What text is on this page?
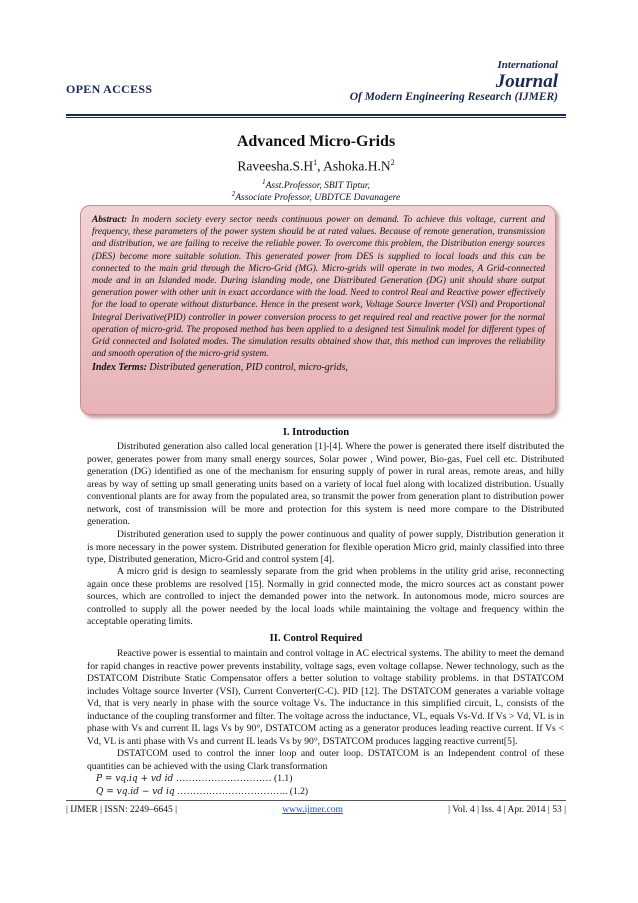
OPEN ACCESS
International
Journal
Of Modern Engineering Research (IJMER)
Advanced Micro-Grids
$Raveesha.S.H^1$, $Ashoka.H.N^2$
$^1$Asst.Professor, SBIT Tiptur,
$^2$Associate Professor, UBDTCE Davanagere
Abstract: In modern society every sector needs continuous power on demand. To achieve this voltage, current and frequency, these parameters of the power system should be at rated values. Because of remote generation, transmission and distribution, we are failing to receive the reliable power. To overcome this problem, the Distribution energy sources (DES) become more suitable solution. This generated power from DES is supplied to local loads and this can be connected to the main grid through the Micro-Grid (MG). Micro-grids will operate in two modes, A Grid-connected mode and in an Islanded mode. During islanding mode, one Distributed Generation (DG) unit should share output generation power with other unit in exact accordance with the load. Need to control Real and Reactive power effectively for the load to operate without disturbance. Hence in the present work, Voltage Source Inverter (VSI) and Proportional Integral Derivative(PID) controller in power conversion process to get required real and reactive power for the normal operation of micro-grid. The proposed method has been applied to a designed test Simulink model for different types of Grid connected and Isolated modes. The simulation results obtained show that, this method can improves the reliability and smooth operation of the micro-grid system.
Index Terms: Distributed generation, PID control, micro-grids,
I. Introduction

Distributed generation also called local generation [1]-[4]. Where the power is generated there itself distributed the power, generates power from many small energy sources, Solar power , Wind power, Bio-gas, Fuel cell etc. Distributed generation (DG) identified as one of the mechanism for ensuring supply of power in rural areas, remote areas, and hilly areas by way of setting up small generating units based on a variety of local fuel along with localized distribution. Usually conventional plants are for away from the populated area, so transmit the power from generation plant to distribution power network, cost of transmission will be more and protection for this system is need more compare to the Distributed generation.

Distributed generation used to supply the power continuous and quality of power supply, Distribution generation it is more necessary in the power system. Distributed generation for flexible operation Micro grid, mainly classified into three type, Distributed generation, Micro-Grid and control system [4].

A micro grid is design to seamlessly separate from the grid when problems in the utility grid arise, reconnecting again once these problems are resolved [15]. Normally in grid connected mode, the micro sources act as constant power sources, which are controlled to inject the demanded power into the network. In autonomous mode, micro sources are controlled to supply all the power needed by the local loads while maintaining the voltage and frequency within the acceptable operating limits.

II. Control Required

Reactive power is essential to maintain and control voltage in AC electrical systems. The ability to meet the demand for rapid changes in reactive power prevents instability, voltage sags, even voltage collapse. Newer technology, such as the DSTATCOM Distribute Static Compensator offers a better solution to voltage stability problems. in that DSTATCOM includes Voltage source Inverter (VSI), Current Converter(C-C). PID [12]. The DSTATCOM generates a variable voltage Vd, that is very nearly in phase with the source voltage Vs. The inductance in this simplified circuit, L, consists of the inductance of the coupling transformer and filter. The voltage across the inductance, VL, equals Vs-Vd. If Vs > Vd, VL is in phase with Vs and current IL lags Vs by 90°, DSTATCOM acting as a generator produces leading reactive current. If Vs < Vd, VL is anti phase with Vs and current IL leads Vs by 90°, DSTATCOM produces lagging reactive current[5].

DSTATCOM used to control the inner loop and outer loop. DSTATCOM is an Independent control of these quantities can be achieved with the using Clark transformation

P = vq.iq + vd id ………………………… (1.1)
Q = vq.id − vd iq …………………………….. (1.2)
| IJMER | ISSN: 2249–6645 |	www.ijmer.com	| Vol. 4 | Iss. 4 | Apr. 2014 | 53 |
